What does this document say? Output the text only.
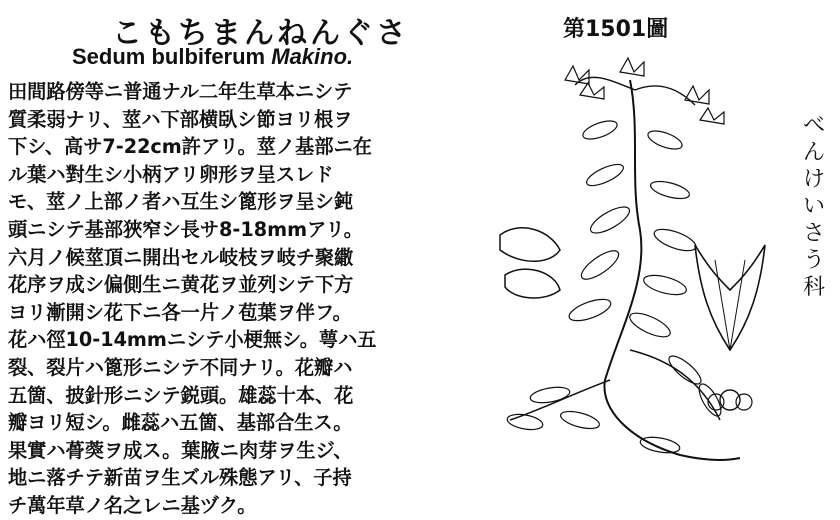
こもちまんねんぐさ
Sedum bulbiferum Makino.
田間路傍等ニ普通ナル二年生草本ニシテ
質柔弱ナリ、莖ハ下部横臥シ節ヨリ根ヲ
下シ、高サ7-22cm許アリ。莖ノ基部ニ在
ル葉ハ對生シ小柄アリ卵形ヲ呈スレド
モ、莖ノ上部ノ者ハ互生シ篦形ヲ呈シ鈍
頭ニシテ基部狹窄シ長サ8-18mmアリ。
六月ノ候莖頂ニ開出セル岐枝ヲ岐チ聚繖
花序ヲ成シ偏側生ニ黄花ヲ並列シテ下方
ヨリ漸開シ花下ニ各一片ノ苞葉ヲ伴フ。
花ハ徑10-14mmニシテ小梗無シ。萼ハ五
裂、裂片ハ篦形ニシテ不同ナリ。花瓣ハ
五箇、披針形ニシテ鋭頭。雄蕊十本、花
瓣ヨリ短シ。雌蕊ハ五箇、基部合生ス。
果實ハ蓇葖ヲ成ス。葉腋ニ肉芽ヲ生ジ、
地ニ落チテ新苗ヲ生ズル殊態アリ、子持
チ萬年草ノ名之レニ基ヅク。
第1501圖
べ
ん
け
い
さ
う
科
